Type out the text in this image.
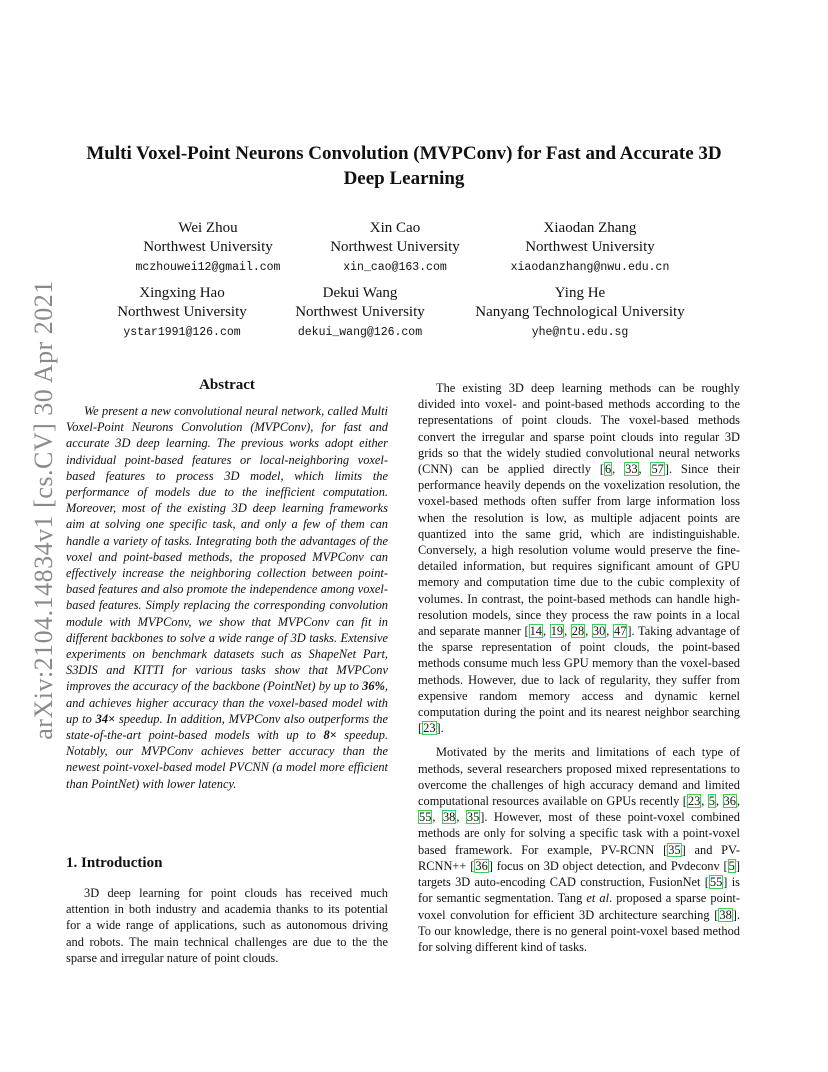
arXiv:2104.14834v1 [cs.CV] 30 Apr 2021
Multi Voxel-Point Neurons Convolution (MVPConv) for Fast and Accurate 3D Deep Learning
Wei Zhou
Northwest University
mczhouwei12@gmail.com
Xin Cao
Northwest University
xin_cao@163.com
Xiaodan Zhang
Northwest University
xiaodanzhang@nwu.edu.cn
Xingxing Hao
Northwest University
ystar1991@126.com
Dekui Wang
Northwest University
dekui_wang@126.com
Ying He
Nanyang Technological University
yhe@ntu.edu.sg
Abstract

We present a new convolutional neural network, called Multi Voxel-Point Neurons Convolution (MVPConv), for fast and accurate 3D deep learning. The previous works adopt either individual point-based features or local-neighboring voxel-based features to process 3D model, which limits the performance of models due to the inefficient computation. Moreover, most of the existing 3D deep learning frameworks aim at solving one specific task, and only a few of them can handle a variety of tasks. Integrating both the advantages of the voxel and point-based methods, the proposed MVPConv can effectively increase the neighboring collection between point-based features and also promote the independence among voxel-based features. Simply replacing the corresponding convolution module with MVPConv, we show that MVPConv can fit in different backbones to solve a wide range of 3D tasks. Extensive experiments on benchmark datasets such as ShapeNet Part, S3DIS and KITTI for various tasks show that MVPConv improves the accuracy of the backbone (PointNet) by up to 36%, and achieves higher accuracy than the voxel-based model with up to 34× speedup. In addition, MVPConv also outperforms the state-of-the-art point-based models with up to 8× speedup. Notably, our MVPConv achieves better accuracy than the newest point-voxel-based model PVCNN (a model more efficient than PointNet) with lower latency.

1. Introduction

3D deep learning for point clouds has received much attention in both industry and academia thanks to its potential for a wide range of applications, such as autonomous driving and robots. The main technical challenges are due to the the sparse and irregular nature of point clouds.

The existing 3D deep learning methods can be roughly divided into voxel- and point-based methods according to the representations of point clouds. The voxel-based methods convert the irregular and sparse point clouds into regular 3D grids so that the widely studied convolutional neural networks (CNN) can be applied directly [6, 33, 57]. Since their performance heavily depends on the voxelization resolution, the voxel-based methods often suffer from large information loss when the resolution is low, as multiple adjacent points are quantized into the same grid, which are indistinguishable. Conversely, a high resolution volume would preserve the fine-detailed information, but requires significant amount of GPU memory and computation time due to the cubic complexity of volumes. In contrast, the point-based methods can handle high-resolution models, since they process the raw points in a local and separate manner [14, 19, 28, 30, 47]. Taking advantage of the sparse representation of point clouds, the point-based methods consume much less GPU memory than the voxel-based methods. However, due to lack of regularity, they suffer from expensive random memory access and dynamic kernel computation during the point and its nearest neighbor searching [23].

Motivated by the merits and limitations of each type of methods, several researchers proposed mixed representations to overcome the challenges of high accuracy demand and limited computational resources available on GPUs recently [23, 5, 36, 55, 38, 35]. However, most of these point-voxel combined methods are only for solving a specific task with a point-voxel based framework. For example, PV-RCNN [35] and PV-RCNN++ [36] focus on 3D object detection, and Pvdeconv [5] targets 3D auto-encoding CAD construction, FusionNet [55] is for semantic segmentation. Tang et al. proposed a sparse point-voxel convolution for efficient 3D architecture searching [38]. To our knowledge, there is no general point-voxel based method for solving different kind of tasks.
